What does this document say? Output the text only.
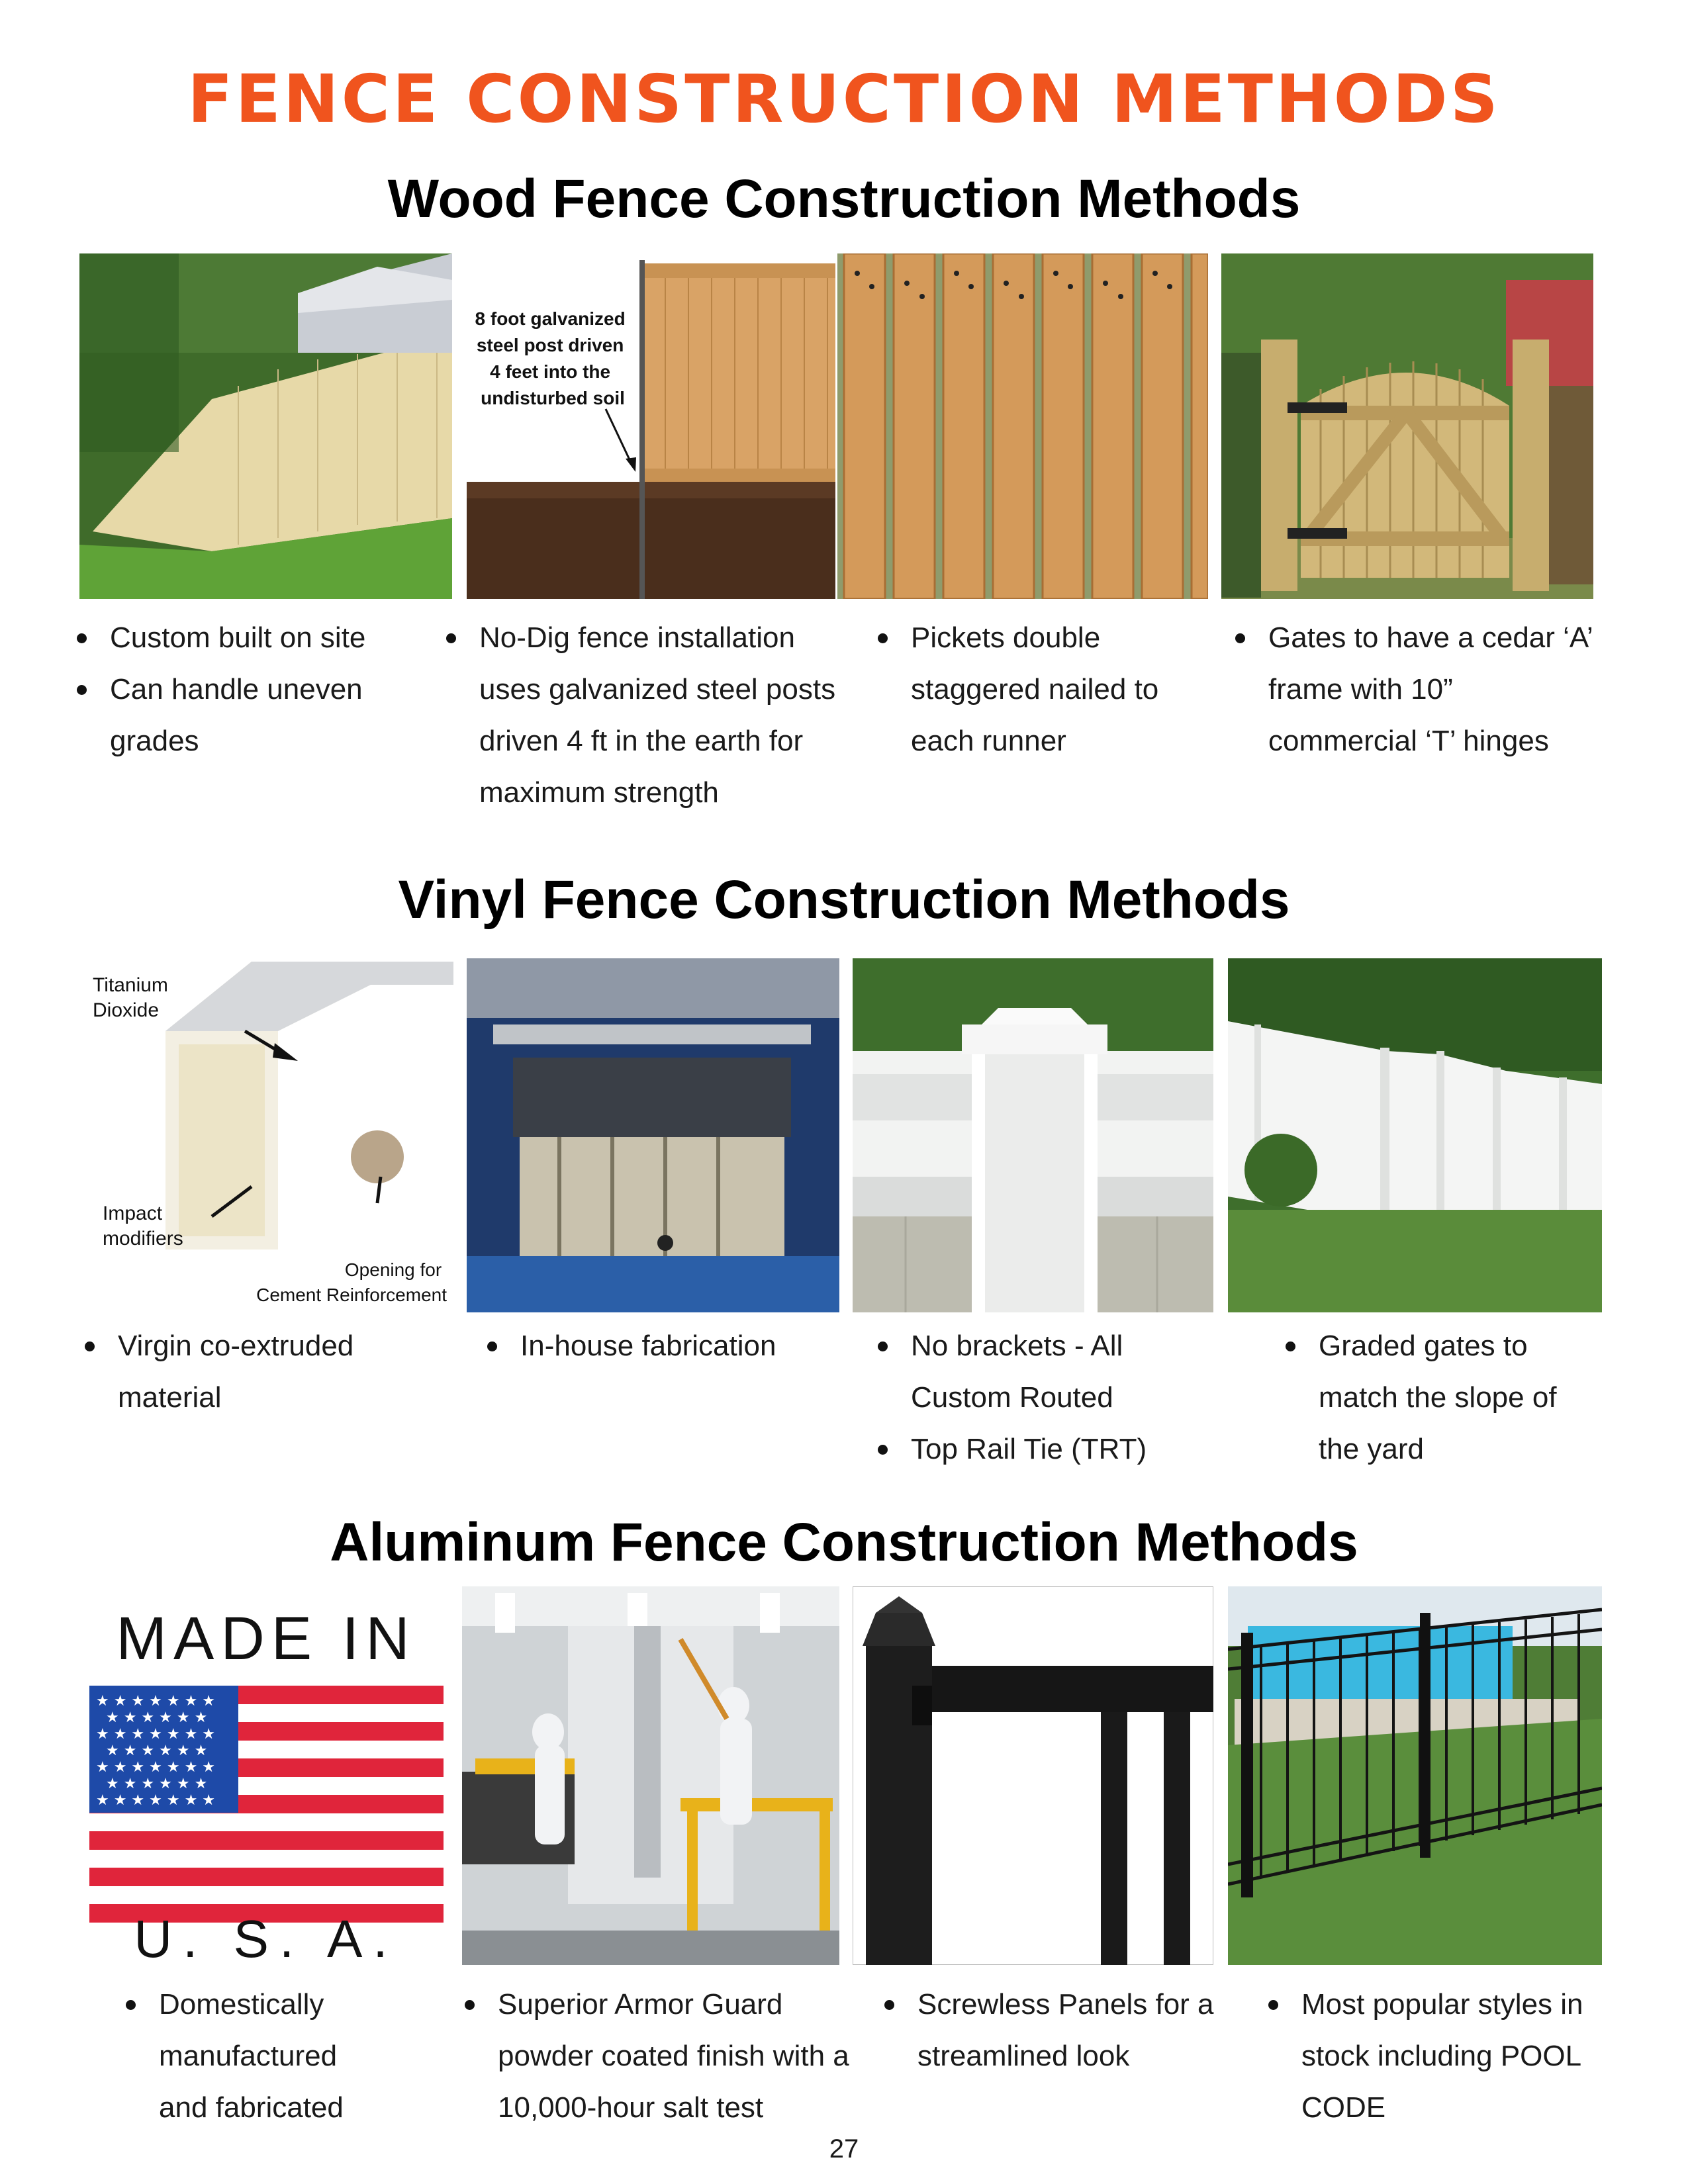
FENCE CONSTRUCTION METHODS
Wood Fence Construction Methods
8 foot galvanized steel post driven 4 feet into the undisturbed soil
Custom built on site
Can handle uneven grades
No-Dig fence installation uses galvanized steel posts driven 4 ft in the earth for maximum strength
Pickets double staggered nailed to each runner
Gates to have a cedar ‘A’ frame with 10” commercial ‘T’ hinges
Vinyl Fence Construction Methods
Titanium Dioxide Impact modifiers
Opening for Cement Reinforcement
Virgin co-extruded material
In-house fabrication	No brackets - All Custom Routed
Top Rail Tie (TRT)
Graded gates to match the slope of the yard
Aluminum Fence Construction Methods
MADE IN
★ ★ ★ ★ ★ ★ ★
★ ★ ★ ★ ★ ★
★ ★ ★ ★ ★ ★ ★
★ ★ ★ ★ ★ ★
★ ★ ★ ★ ★ ★ ★
★ ★ ★ ★ ★ ★
★ ★ ★ ★ ★ ★ ★
U. S. A.
Domestically manufactured and fabricated
Superior Armor Guard powder coated finish with a 10,000-hour salt test
Screwless Panels for a streamlined look
Most popular styles in stock including POOL CODE
27
